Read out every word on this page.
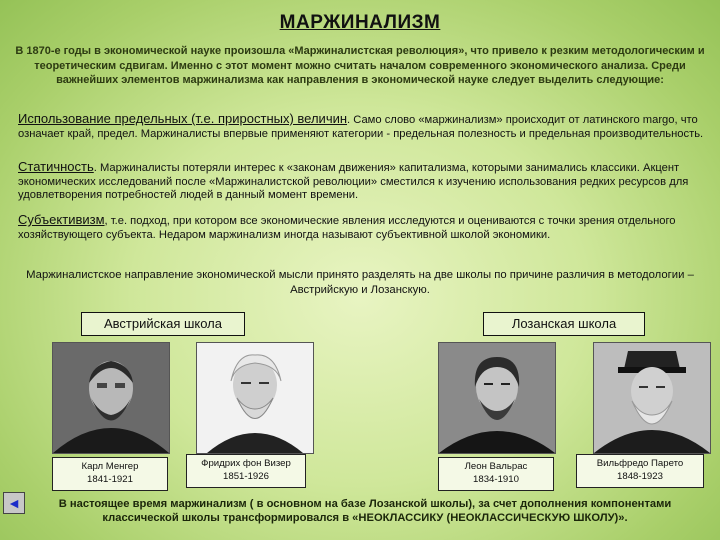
МАРЖИНАЛИЗМ
В 1870-е годы в экономической науке произошла «Маржиналистская революция», что привело к резким методологическим и теоретическим сдвигам. Именно с этот момент можно считать началом современного экономического анализа. Среди важнейших элементов маржинализма как направления в экономической науке следует выделить следующие:
Использование предельных (т.е. приростных) величин. Само слово «маржинализм» происходит от латинского margo, что означает край, предел. Маржиналисты впервые применяют категории - предельная полезность и предельная производительность.
Статичность. Маржиналисты потеряли интерес к «законам движения» капитализма, которыми занимались классики. Акцент экономических исследований после «Маржиналистской революции» сместился к изучению использования редких ресурсов для удовлетворения потребностей людей в данный момент времени.
Субъективизм, т.е. подход, при котором все экономические явления исследуются и оцениваются с точки зрения отдельного хозяйствующего субъекта. Недаром маржинализм иногда называют субъективной школой экономики.
Маржиналистское направление экономической мысли принято разделять на две школы по причине различия в методологии – Австрийскую и Лозанскую.
Австрийская школа	Лозанская школа
Карл Менгер
1841-1921
Фридрих фон Визер
1851-1926
Леон Вальрас
1834-1910
Вильфредо Парето
1848-1923
◄	В настоящее время маржинализм ( в основном на базе Лозанской школы), за счет дополнения компонентами классической школы трансформировался в «НЕОКЛАССИКУ (НЕОКЛАССИЧЕСКУЮ ШКОЛУ)».
